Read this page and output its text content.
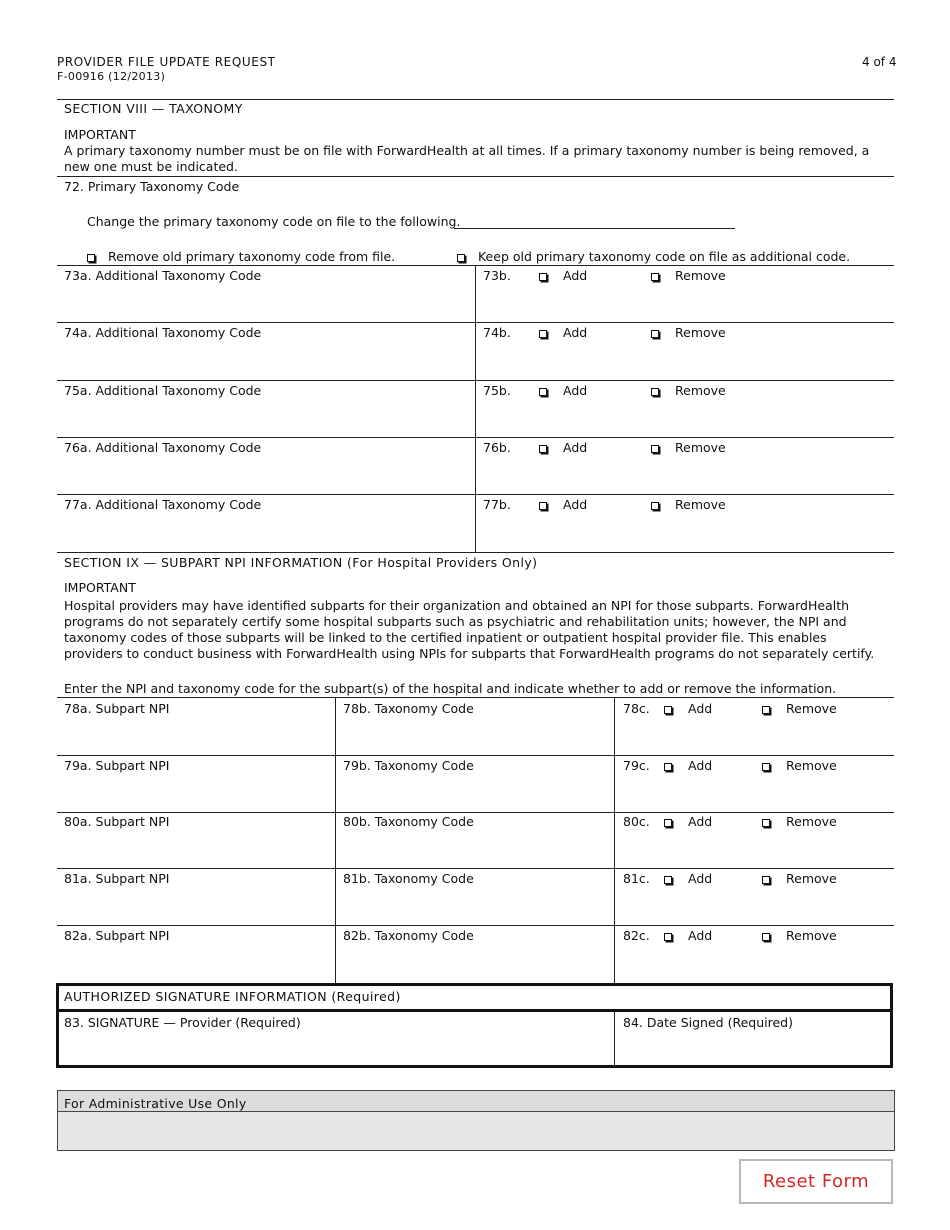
PROVIDER FILE UPDATE REQUEST
F-00916 (12/2013)
4 of 4
SECTION VIII — TAXONOMY
IMPORTANT
A primary taxonomy number must be on file with ForwardHealth at all times. If a primary taxonomy number is being removed, a new one must be indicated.
72. Primary Taxonomy Code
Change the primary taxonomy code on file to the following.
Remove old primary taxonomy code from file.	Keep old primary taxonomy code on file as additional code.
73a. Additional Taxonomy Code	73b.	Add	Remove
74a. Additional Taxonomy Code	74b.	Add	Remove
75a. Additional Taxonomy Code	75b.	Add	Remove
76a. Additional Taxonomy Code	76b.	Add	Remove
77a. Additional Taxonomy Code	77b.	Add	Remove
SECTION IX — SUBPART NPI INFORMATION (For Hospital Providers Only)
IMPORTANT
Hospital providers may have identified subparts for their organization and obtained an NPI for those subparts. ForwardHealth programs do not separately certify some hospital subparts such as psychiatric and rehabilitation units; however, the NPI and taxonomy codes of those subparts will be linked to the certified inpatient or outpatient hospital provider file. This enables providers to conduct business with ForwardHealth using NPIs for subparts that ForwardHealth programs do not separately certify.
Enter the NPI and taxonomy code for the subpart(s) of the hospital and indicate whether to add or remove the information.
78a. Subpart NPI	78b. Taxonomy Code	78c.	Add	Remove
79a. Subpart NPI	79b. Taxonomy Code	79c.	Add	Remove
80a. Subpart NPI	80b. Taxonomy Code	80c.	Add	Remove
81a. Subpart NPI	81b. Taxonomy Code	81c.	Add	Remove
82a. Subpart NPI	82b. Taxonomy Code	82c.	Add	Remove
AUTHORIZED SIGNATURE INFORMATION (Required)
83. SIGNATURE — Provider (Required)	84. Date Signed (Required)
For Administrative Use Only
Reset Form
